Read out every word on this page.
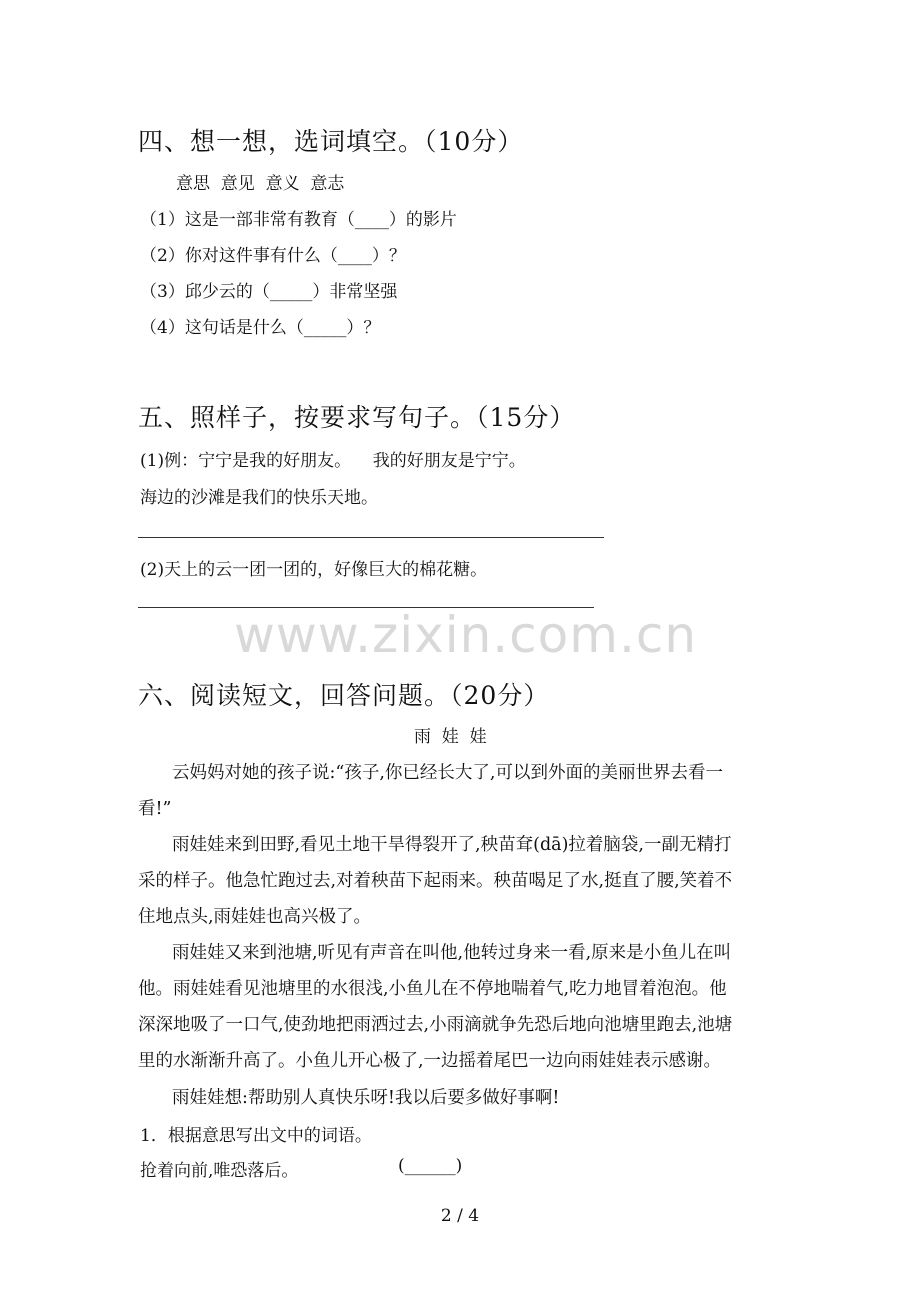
四、想一想，选词填空。（10分）
意思  意见  意义  意志
（1）这是一部非常有教育（____）的影片
（2）你对这件事有什么（____）？
（3）邱少云的（_____）非常坚强
（4）这句话是什么（_____）？
五、照样子，按要求写句子。（15分）
(1)例：宁宁是我的好朋友。    我的好朋友是宁宁。
海边的沙滩是我们的快乐天地。
(2)天上的云一团一团的，好像巨大的棉花糖。
www.zixin.com.cn
六、阅读短文，回答问题。（20分）
雨  娃  娃
云妈妈对她的孩子说:“孩子,你已经长大了,可以到外面的美丽世界去看一
看!”
雨娃娃来到田野,看见土地干旱得裂开了,秧苗耷(dā)拉着脑袋,一副无精打
采的样子。他急忙跑过去,对着秧苗下起雨来。秧苗喝足了水,挺直了腰,笑着不
住地点头,雨娃娃也高兴极了。
雨娃娃又来到池塘,听见有声音在叫他,他转过身来一看,原来是小鱼儿在叫
他。雨娃娃看见池塘里的水很浅,小鱼儿在不停地喘着气,吃力地冒着泡泡。他
深深地吸了一口气,使劲地把雨洒过去,小雨滴就争先恐后地向池塘里跑去,池塘
里的水渐渐升高了。小鱼儿开心极了,一边摇着尾巴一边向雨娃娃表示感谢。
雨娃娃想:帮助别人真快乐呀!我以后要多做好事啊!
1．根据意思写出文中的词语。
抢着向前,唯恐落后。	(______)
2 / 4
